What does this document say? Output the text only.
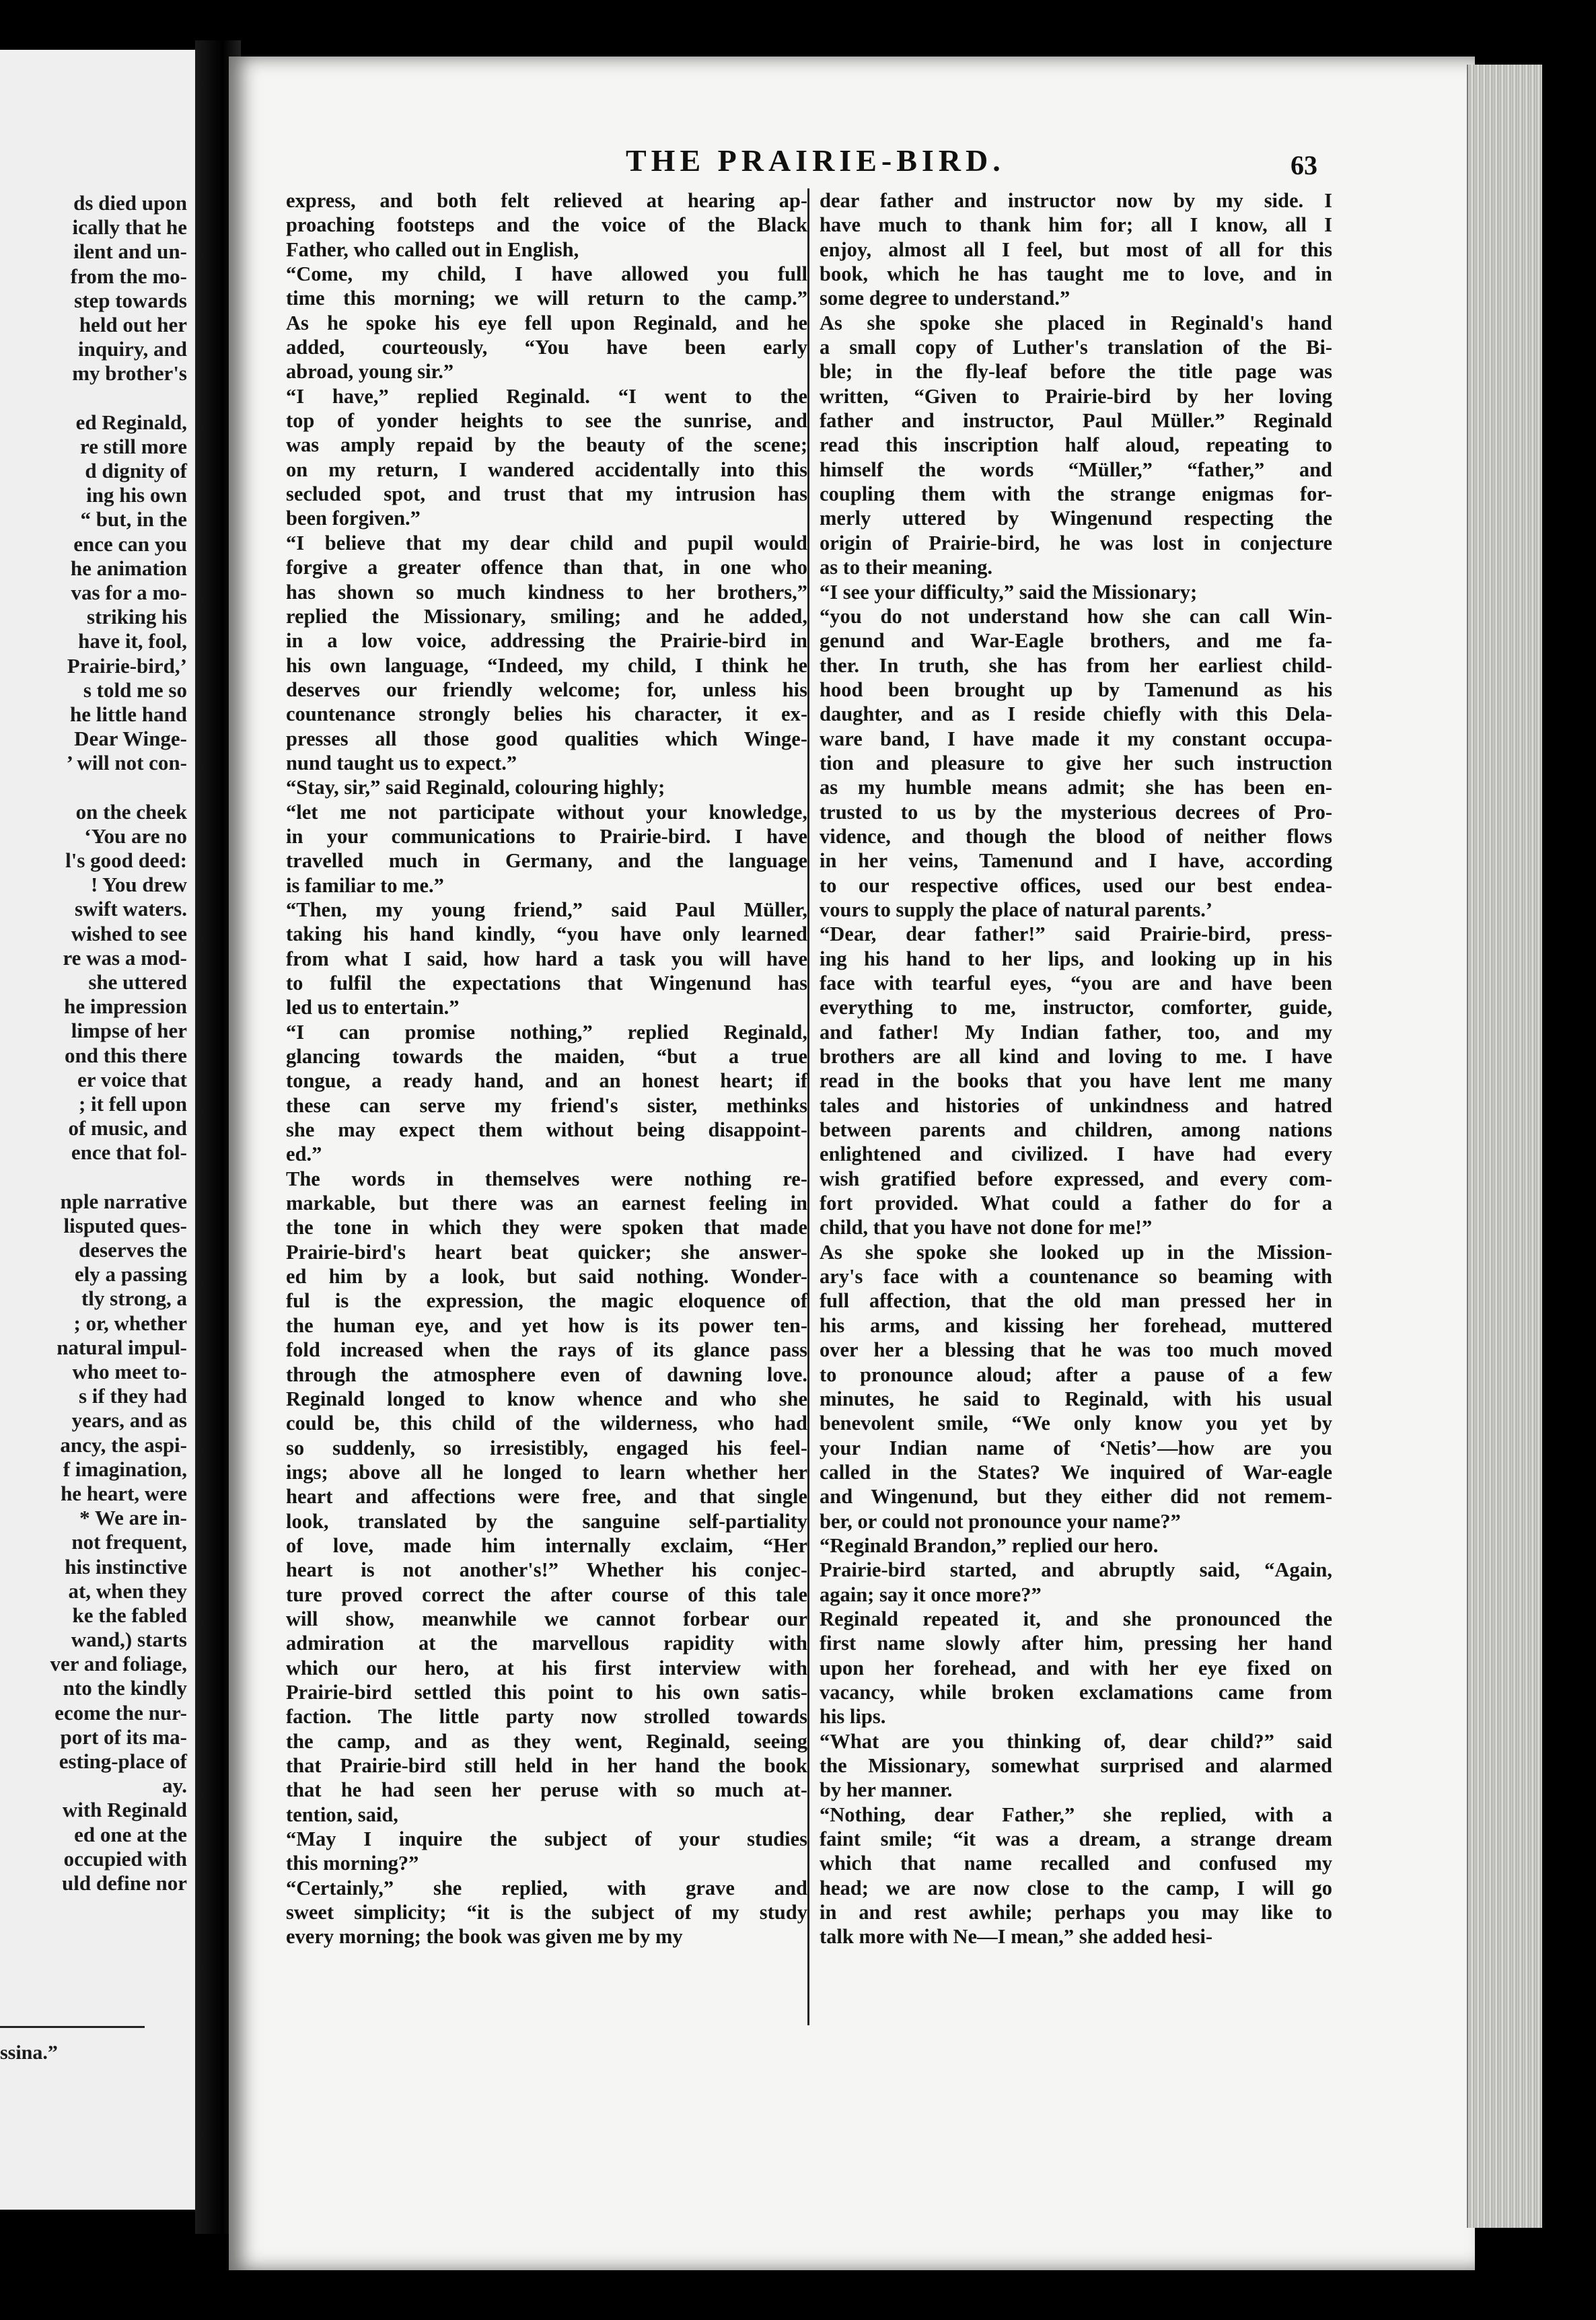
ds died upon
ically that he
ilent and un-
from the mo-
step towards
held out her
inquiry, and
my brother's
ed Reginald,
re still more
d dignity of
ing his own
“ but, in the
ence can you
he animation
vas for a mo-
striking his
have it, fool,
Prairie-bird,’
s told me so
he little hand
Dear Winge-
’ will not con-
on the cheek
‘You are no
l's good deed:
! You drew
swift waters.
wished to see
re was a mod-
she uttered
he impression
limpse of her
ond this there
er voice that
; it fell upon
of music, and
ence that fol-
nple narrative
lisputed ques-
deserves the
ely a passing
tly strong, a
; or, whether
natural impul-
who meet to-
s if they had
years, and as
ancy, the aspi-
f imagination,
he heart, were
* We are in-
not frequent,
his instinctive
at, when they
ke the fabled
wand,) starts
ver and foliage,
nto the kindly
ecome the nur-
port of its ma-
esting-place of
ay.
with Reginald
ed one at the
occupied with
uld define nor
ssina.”
THE PRAIRIE-BIRD.	63
express, and both felt relieved at hearing ap-
proaching footsteps and the voice of the Black
Father, who called out in English,
“Come, my child, I have allowed you full
time this morning; we will return to the camp.”
As he spoke his eye fell upon Reginald, and he
added, courteously, “You have been early
abroad, young sir.”
“I have,” replied Reginald. “I went to the
top of yonder heights to see the sunrise, and
was amply repaid by the beauty of the scene;
on my return, I wandered accidentally into this
secluded spot, and trust that my intrusion has
been forgiven.”
“I believe that my dear child and pupil would
forgive a greater offence than that, in one who
has shown so much kindness to her brothers,”
replied the Missionary, smiling; and he added,
in a low voice, addressing the Prairie-bird in
his own language, “Indeed, my child, I think he
deserves our friendly welcome; for, unless his
countenance strongly belies his character, it ex-
presses all those good qualities which Winge-
nund taught us to expect.”
“Stay, sir,” said Reginald, colouring highly;
“let me not participate without your knowledge,
in your communications to Prairie-bird. I have
travelled much in Germany, and the language
is familiar to me.”
“Then, my young friend,” said Paul Müller,
taking his hand kindly, “you have only learned
from what I said, how hard a task you will have
to fulfil the expectations that Wingenund has
led us to entertain.”
“I can promise nothing,” replied Reginald,
glancing towards the maiden, “but a true
tongue, a ready hand, and an honest heart; if
these can serve my friend's sister, methinks
she may expect them without being disappoint-
ed.”
The words in themselves were nothing re-
markable, but there was an earnest feeling in
the tone in which they were spoken that made
Prairie-bird's heart beat quicker; she answer-
ed him by a look, but said nothing. Wonder-
ful is the expression, the magic eloquence of
the human eye, and yet how is its power ten-
fold increased when the rays of its glance pass
through the atmosphere even of dawning love.
Reginald longed to know whence and who she
could be, this child of the wilderness, who had
so suddenly, so irresistibly, engaged his feel-
ings; above all he longed to learn whether her
heart and affections were free, and that single
look, translated by the sanguine self-partiality
of love, made him internally exclaim, “Her
heart is not another's!” Whether his conjec-
ture proved correct the after course of this tale
will show, meanwhile we cannot forbear our
admiration at the marvellous rapidity with
which our hero, at his first interview with
Prairie-bird settled this point to his own satis-
faction. The little party now strolled towards
the camp, and as they went, Reginald, seeing
that Prairie-bird still held in her hand the book
that he had seen her peruse with so much at-
tention, said,
“May I inquire the subject of your studies
this morning?”
“Certainly,” she replied, with grave and
sweet simplicity; “it is the subject of my study
every morning; the book was given me by my
dear father and instructor now by my side. I
have much to thank him for; all I know, all I
enjoy, almost all I feel, but most of all for this
book, which he has taught me to love, and in
some degree to understand.”
As she spoke she placed in Reginald's hand
a small copy of Luther's translation of the Bi-
ble; in the fly-leaf before the title page was
written, “Given to Prairie-bird by her loving
father and instructor, Paul Müller.” Reginald
read this inscription half aloud, repeating to
himself the words “Müller,” “father,” and
coupling them with the strange enigmas for-
merly uttered by Wingenund respecting the
origin of Prairie-bird, he was lost in conjecture
as to their meaning.
“I see your difficulty,” said the Missionary;
“you do not understand how she can call Win-
genund and War-Eagle brothers, and me fa-
ther. In truth, she has from her earliest child-
hood been brought up by Tamenund as his
daughter, and as I reside chiefly with this Dela-
ware band, I have made it my constant occupa-
tion and pleasure to give her such instruction
as my humble means admit; she has been en-
trusted to us by the mysterious decrees of Pro-
vidence, and though the blood of neither flows
in her veins, Tamenund and I have, according
to our respective offices, used our best endea-
vours to supply the place of natural parents.’
“Dear, dear father!” said Prairie-bird, press-
ing his hand to her lips, and looking up in his
face with tearful eyes, “you are and have been
everything to me, instructor, comforter, guide,
and father! My Indian father, too, and my
brothers are all kind and loving to me. I have
read in the books that you have lent me many
tales and histories of unkindness and hatred
between parents and children, among nations
enlightened and civilized. I have had every
wish gratified before expressed, and every com-
fort provided. What could a father do for a
child, that you have not done for me!”
As she spoke she looked up in the Mission-
ary's face with a countenance so beaming with
full affection, that the old man pressed her in
his arms, and kissing her forehead, muttered
over her a blessing that he was too much moved
to pronounce aloud; after a pause of a few
minutes, he said to Reginald, with his usual
benevolent smile, “We only know you yet by
your Indian name of ‘Netis’—how are you
called in the States? We inquired of War-eagle
and Wingenund, but they either did not remem-
ber, or could not pronounce your name?”
“Reginald Brandon,” replied our hero.
Prairie-bird started, and abruptly said, “Again,
again; say it once more?”
Reginald repeated it, and she pronounced the
first name slowly after him, pressing her hand
upon her forehead, and with her eye fixed on
vacancy, while broken exclamations came from
his lips.
“What are you thinking of, dear child?” said
the Missionary, somewhat surprised and alarmed
by her manner.
“Nothing, dear Father,” she replied, with a
faint smile; “it was a dream, a strange dream
which that name recalled and confused my
head; we are now close to the camp, I will go
in and rest awhile; perhaps you may like to
talk more with Ne—I mean,” she added hesi-
